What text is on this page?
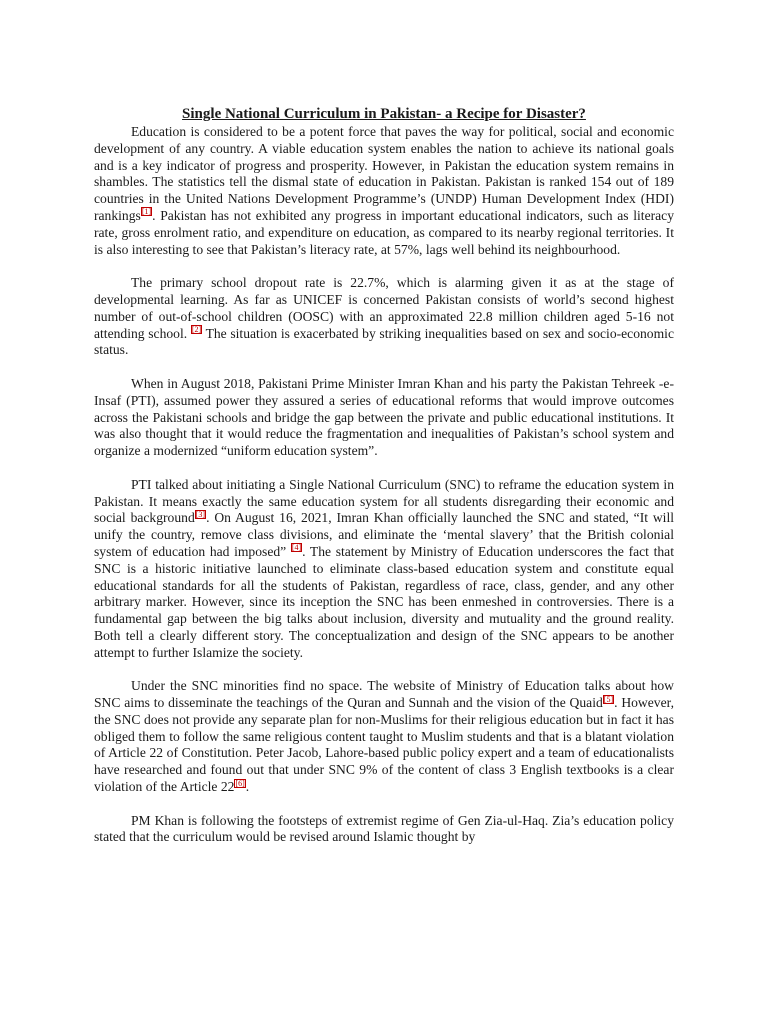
Single National Curriculum in Pakistan- a Recipe for Disaster?

Education is considered to be a potent force that paves the way for political, social and economic development of any country. A viable education system enables the nation to achieve its national goals and is a key indicator of progress and prosperity. However, in Pakistan the education system remains in shambles. The statistics tell the dismal state of education in Pakistan. Pakistan is ranked 154 out of 189 countries in the United Nations Development Programme’s (UNDP) Human Development Index (HDI) rankings[1]. Pakistan has not exhibited any progress in important educational indicators, such as literacy rate, gross enrolment ratio, and expenditure on education, as compared to its nearby regional territories. It is also interesting to see that Pakistan’s literacy rate, at 57%, lags well behind its neighbourhood.

The primary school dropout rate is 22.7%, which is alarming given it as at the stage of developmental learning. As far as UNICEF is concerned Pakistan consists of world’s second highest number of out-of-school children (OOSC) with an approximated 22.8 million children aged 5-16 not attending school. [2] The situation is exacerbated by striking inequalities based on sex and socio-economic status.

When in August 2018, Pakistani Prime Minister Imran Khan and his party the Pakistan Tehreek -e-Insaf (PTI), assumed power they assured a series of educational reforms that would improve outcomes across the Pakistani schools and bridge the gap between the private and public educational institutions. It was also thought that it would reduce the fragmentation and inequalities of Pakistan’s school system and organize a modernized “uniform education system”.

PTI talked about initiating a Single National Curriculum (SNC) to reframe the education system in Pakistan. It means exactly the same education system for all students disregarding their economic and social background[3]. On August 16, 2021, Imran Khan officially launched the SNC and stated, “It will unify the country, remove class divisions, and eliminate the ‘mental slavery’ that the British colonial system of education had imposed” [4]. The statement by Ministry of Education underscores the fact that SNC is a historic initiative launched to eliminate class-based education system and constitute equal educational standards for all the students of Pakistan, regardless of race, class, gender, and any other arbitrary marker. However, since its inception the SNC has been enmeshed in controversies. There is a fundamental gap between the big talks about inclusion, diversity and mutuality and the ground reality. Both tell a clearly different story. The conceptualization and design of the SNC appears to be another attempt to further Islamize the society.

Under the SNC minorities find no space. The website of Ministry of Education talks about how SNC aims to disseminate the teachings of the Quran and Sunnah and the vision of the Quaid[5]. However, the SNC does not provide any separate plan for non-Muslims for their religious education but in fact it has obliged them to follow the same religious content taught to Muslim students and that is a blatant violation of Article 22 of Constitution. Peter Jacob, Lahore-based public policy expert and a team of educationalists have researched and found out that under SNC 9% of the content of class 3 English textbooks is a clear violation of the Article 22[6].

PM Khan is following the footsteps of extremist regime of Gen Zia-ul-Haq. Zia’s education policy stated that the curriculum would be revised around Islamic thought by
